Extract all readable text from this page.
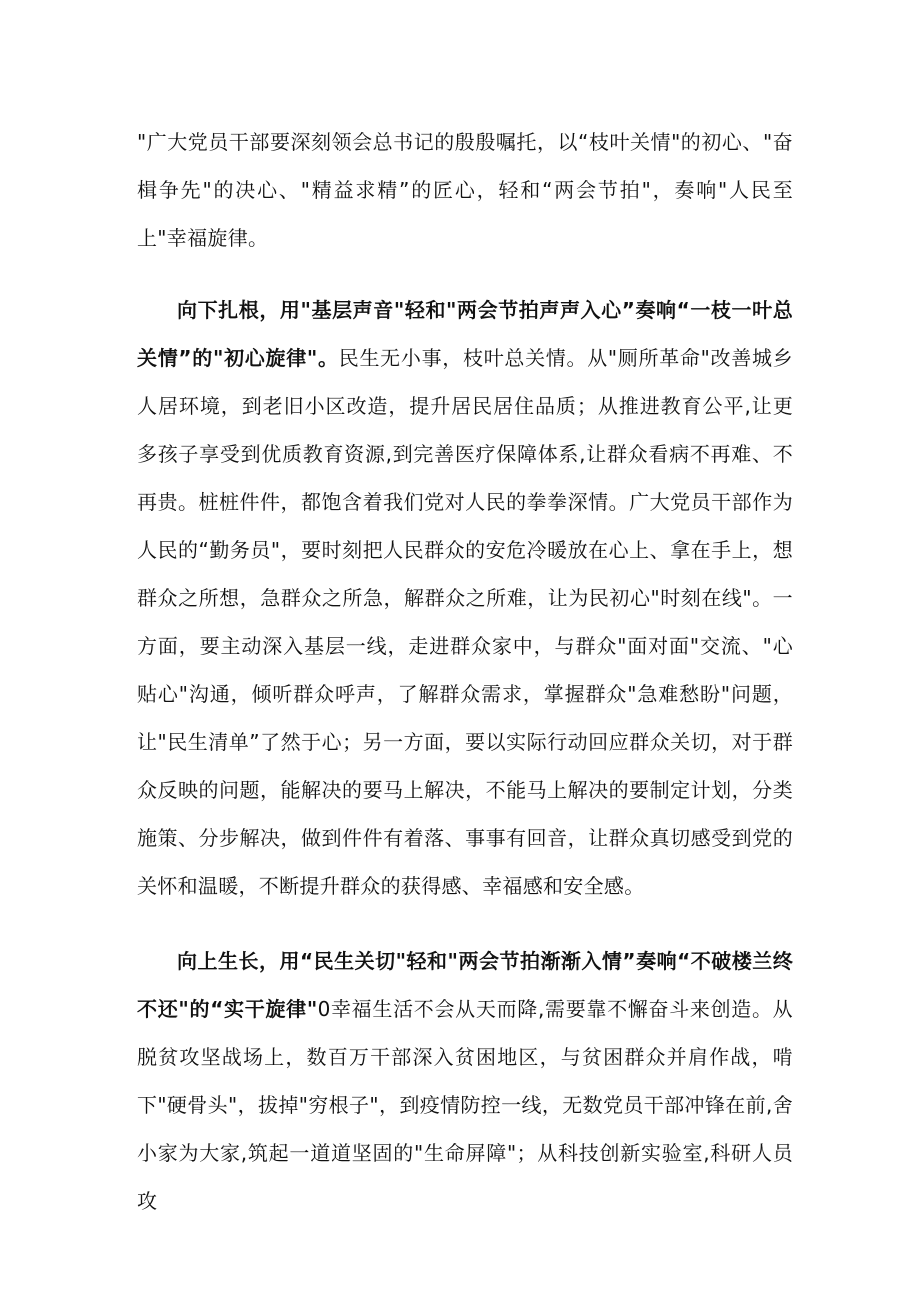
"广大党员干部要深刻领会总书记的殷殷嘱托，以“枝叶关情"的初心、"奋楫争先"的决心、"精益求精”的匠心，轻和“两会节拍"，奏响"人民至上"幸福旋律。

向下扎根，用"基层声音"轻和"两会节拍声声入心”奏响“一枝一叶总关情”的"初心旋律"。民生无小事，枝叶总关情。从"厕所革命"改善城乡人居环境，到老旧小区改造，提升居民居住品质；从推进教育公平,让更多孩子享受到优质教育资源,到完善医疗保障体系,让群众看病不再难、不再贵。桩桩件件，都饱含着我们党对人民的拳拳深情。广大党员干部作为人民的“勤务员"，要时刻把人民群众的安危冷暖放在心上、拿在手上，想群众之所想，急群众之所急，解群众之所难，让为民初心"时刻在线"。一方面，要主动深入基层一线，走进群众家中，与群众"面对面"交流、"心贴心"沟通，倾听群众呼声，了解群众需求，掌握群众"急难愁盼"问题，让"民生清单”了然于心；另一方面，要以实际行动回应群众关切，对于群众反映的问题，能解决的要马上解决，不能马上解决的要制定计划，分类施策、分步解决，做到件件有着落、事事有回音，让群众真切感受到党的关怀和温暖，不断提升群众的获得感、幸福感和安全感。

向上生长，用“民生关切"轻和"两会节拍渐渐入情”奏响“不破楼兰终不还"的“实干旋律"0幸福生活不会从天而降,需要靠不懈奋斗来创造。从脱贫攻坚战场上，数百万干部深入贫困地区，与贫困群众并肩作战，啃下"硬骨头"，拔掉"穷根子"，到疫情防控一线，无数党员干部冲锋在前,舍小家为大家,筑起一道道坚固的"生命屏障"；从科技创新实验室,科研人员攻
